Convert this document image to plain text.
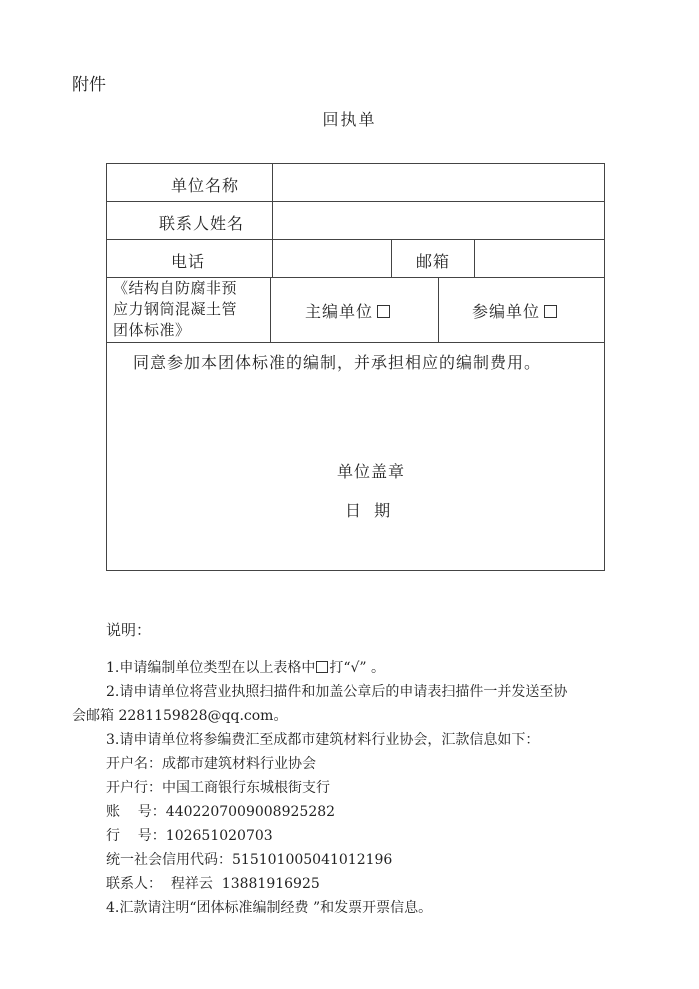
附件
回执单
单位名称
联系人姓名
电话	邮箱
《结构自防腐非预
应力钢筒混凝土管
团体标准》
主编单位	参编单位
同意参加本团体标准的编制，并承担相应的编制费用。
单位盖章
日  期
说明：
1.申请编制单位类型在以上表格中 打“√” 。
2.请申请单位将营业执照扫描件和加盖公章后的申请表扫描件一并发送至协
会邮箱 2281159828@qq.com。
3.请申请单位将参编费汇至成都市建筑材料行业协会，汇款信息如下：
开户名：成都市建筑材料行业协会
开户行：中国工商银行东城根街支行
账    号：4402207009008925282
行    号：102651020703
统一社会信用代码：515101005041012196
联系人：  程祥云  13881916925
4.汇款请注明“团体标准编制经费 ”和发票开票信息。
